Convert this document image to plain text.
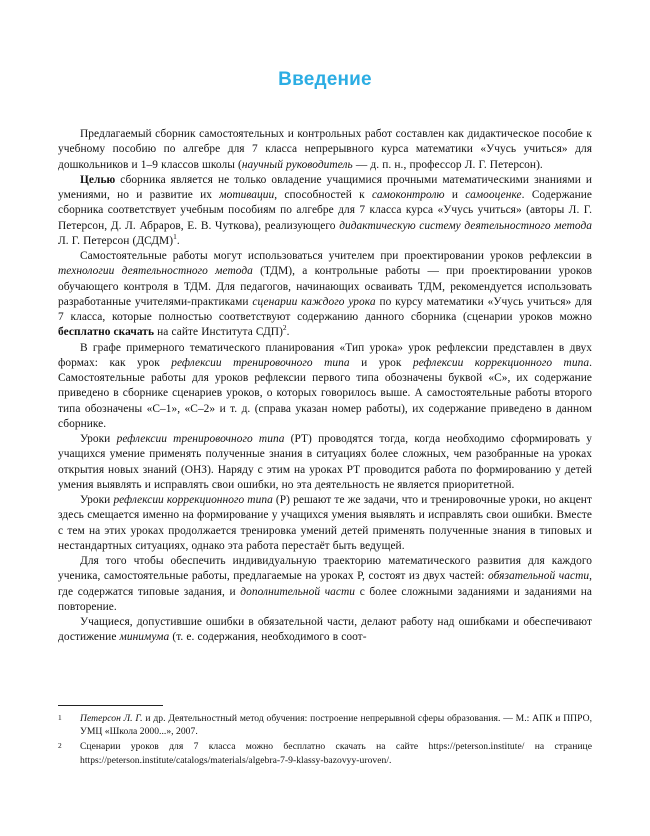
Введение

Предлагаемый сборник самостоятельных и контрольных работ составлен как дидактическое пособие к учебному пособию по алгебре для 7 класса непрерывного курса математики «Учусь учиться» для дошкольников и 1–9 классов школы (научный руководитель — д. п. н., профессор Л. Г. Петерсон).

Целью сборника является не только овладение учащимися прочными математическими знаниями и умениями, но и развитие их мотивации, способностей к самоконтролю и самооценке. Содержание сборника соответствует учебным пособиям по алгебре для 7 класса курса «Учусь учиться» (авторы Л. Г. Петерсон, Д. Л. Абраров, Е. В. Чуткова), реализующего дидактическую систему деятельностного метода Л. Г. Петерсон (ДСДМ)$^1$.

Самостоятельные работы могут использоваться учителем при проектировании уроков рефлексии в технологии деятельностного метода (ТДМ), а контрольные работы — при проектировании уроков обучающего контроля в ТДМ. Для педагогов, начинающих осваивать ТДМ, рекомендуется использовать разработанные учителями-практиками сценарии каждого урока по курсу математики «Учусь учиться» для 7 класса, которые полностью соответствуют содержанию данного сборника (сценарии уроков можно бесплатно скачать на сайте Института СДП)$^2$.

В графе примерного тематического планирования «Тип урока» урок рефлексии представлен в двух формах: как урок рефлексии тренировочного типа и урок рефлексии коррекционного типа. Самостоятельные работы для уроков рефлексии первого типа обозначены буквой «С», их содержание приведено в сборнике сценариев уроков, о которых говорилось выше. А самостоятельные работы второго типа обозначены «С–1», «С–2» и т. д. (справа указан номер работы), их содержание приведено в данном сборнике.

Уроки рефлексии тренировочного типа (РТ) проводятся тогда, когда необходимо сформировать у учащихся умение применять полученные знания в ситуациях более сложных, чем разобранные на уроках открытия новых знаний (ОНЗ). Наряду с этим на уроках РТ проводится работа по формированию у детей умения выявлять и исправлять свои ошибки, но эта деятельность не является приоритетной.

Уроки рефлексии коррекционного типа (Р) решают те же задачи, что и тренировочные уроки, но акцент здесь смещается именно на формирование у учащихся умения выявлять и исправлять свои ошибки. Вместе с тем на этих уроках продолжается тренировка умений детей применять полученные знания в типовых и нестандартных ситуациях, однако эта работа перестаёт быть ведущей.

Для того чтобы обеспечить индивидуальную траекторию математического развития для каждого ученика, самостоятельные работы, предлагаемые на уроках Р, состоят из двух частей: обязательной части, где содержатся типовые задания, и дополнительной части с более сложными заданиями и заданиями на повторение.

Учащиеся, допустившие ошибки в обязательной части, делают работу над ошибками и обеспечивают достижение минимума (т. е. содержания, необходимого в соот-

1 Петерсон Л. Г. и др. Деятельностный метод обучения: построение непрерывной сферы образования. — М.: АПК и ППРО, УМЦ «Школа 2000...», 2007.
2 Сценарии уроков для 7 класса можно бесплатно скачать на сайте https://peterson.institute/ на странице https://peterson.institute/catalogs/materials/algebra-7-9-klassy-bazovyy-uroven/.
